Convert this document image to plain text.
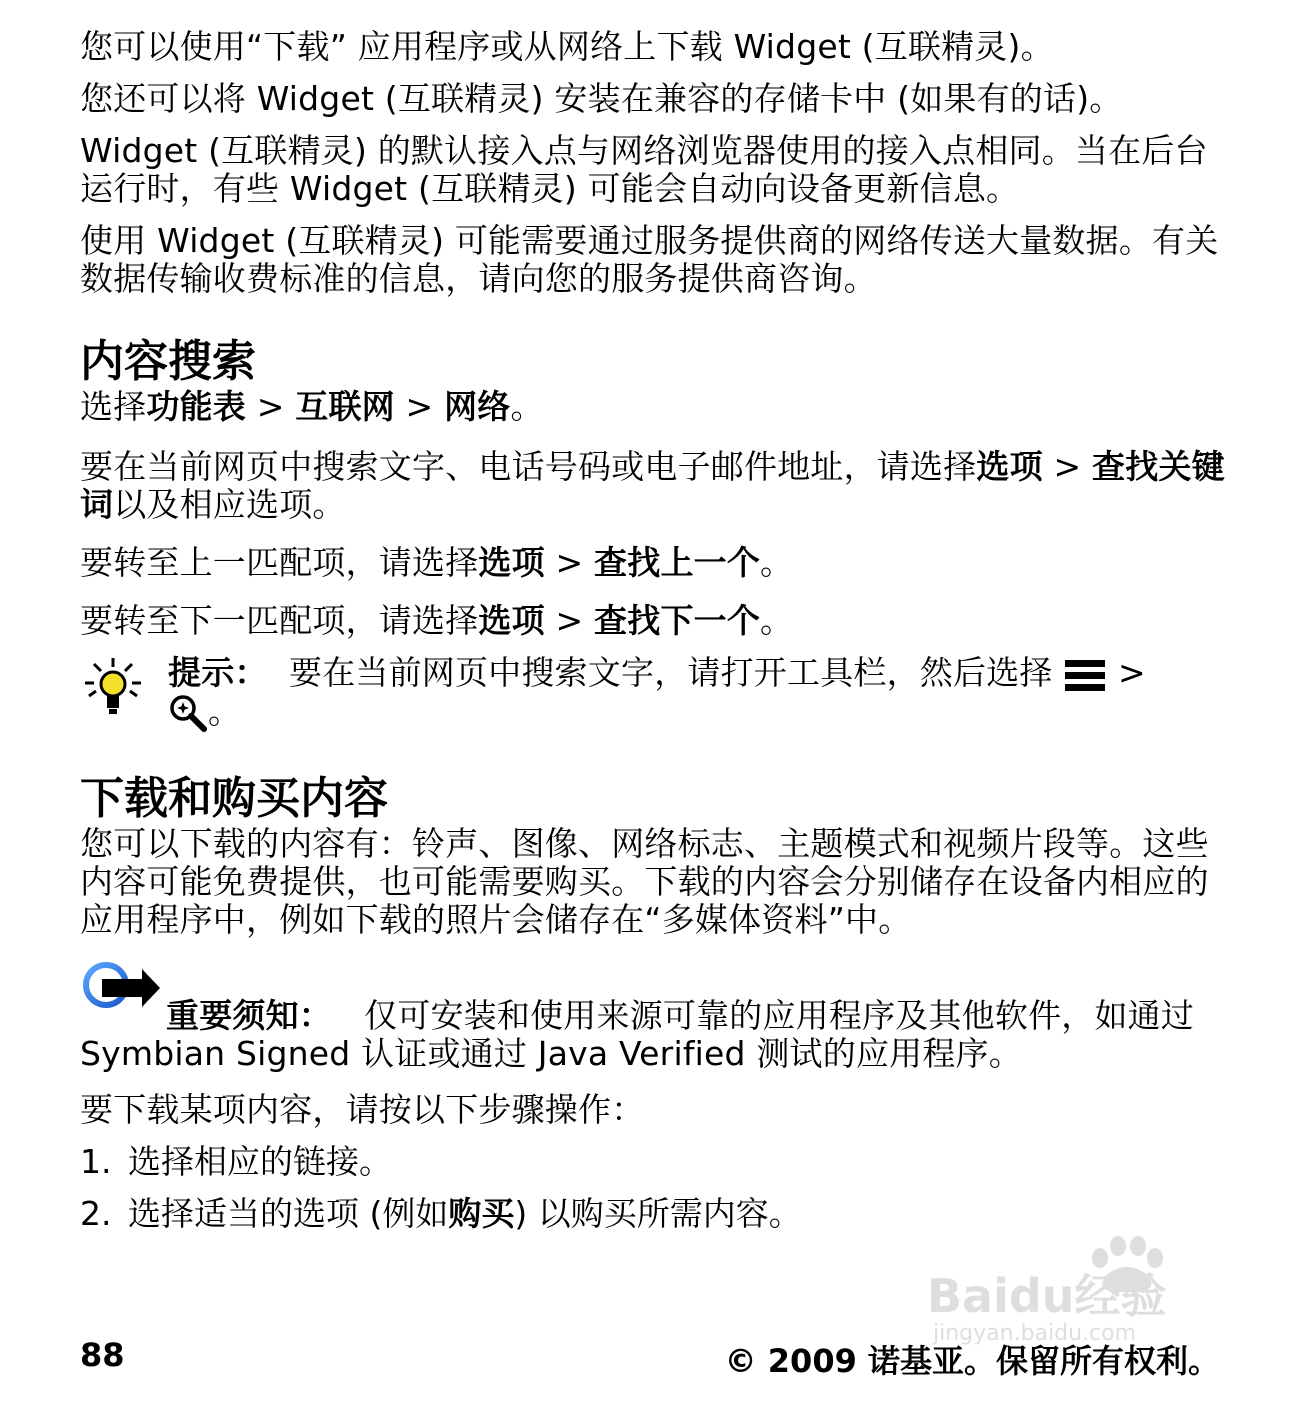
您可以使用“下载” 应用程序或从网络上下载 Widget (互联精灵)。

您还可以将 Widget (互联精灵) 安装在兼容的存储卡中 (如果有的话)。

Widget (互联精灵) 的默认接入点与网络浏览器使用的接入点相同。当在后台运行时，有些 Widget (互联精灵) 可能会自动向设备更新信息。

使用 Widget (互联精灵) 可能需要通过服务提供商的网络传送大量数据。有关数据传输收费标准的信息，请向您的服务提供商咨询。

内容搜索

选择功能表 > 互联网 > 网络。

要在当前网页中搜索文字、电话号码或电子邮件地址，请选择选项 > 查找关键词以及相应选项。

要转至上一匹配项，请选择选项 > 查找上一个。

要转至下一匹配项，请选择选项 > 查找下一个。

提示： 要在当前网页中搜索文字，请打开工具栏，然后选择  >
。

下载和购买内容

您可以下载的内容有：铃声、图像、网络标志、主题模式和视频片段等。这些内容可能免费提供，也可能需要购买。下载的内容会分别储存在设备内相应的应用程序中，例如下载的照片会储存在“多媒体资料”中。

重要须知： 仅可安装和使用来源可靠的应用程序及其他软件，如通过 Symbian Signed 认证或通过 Java Verified 测试的应用程序。

要下载某项内容，请按以下步骤操作：

1. 选择相应的链接。
2. 选择适当的选项 (例如购买) 以购买所需内容。
Baidu经验
jingyan.baidu.com
88	© 2009 诺基亚。保留所有权利。
